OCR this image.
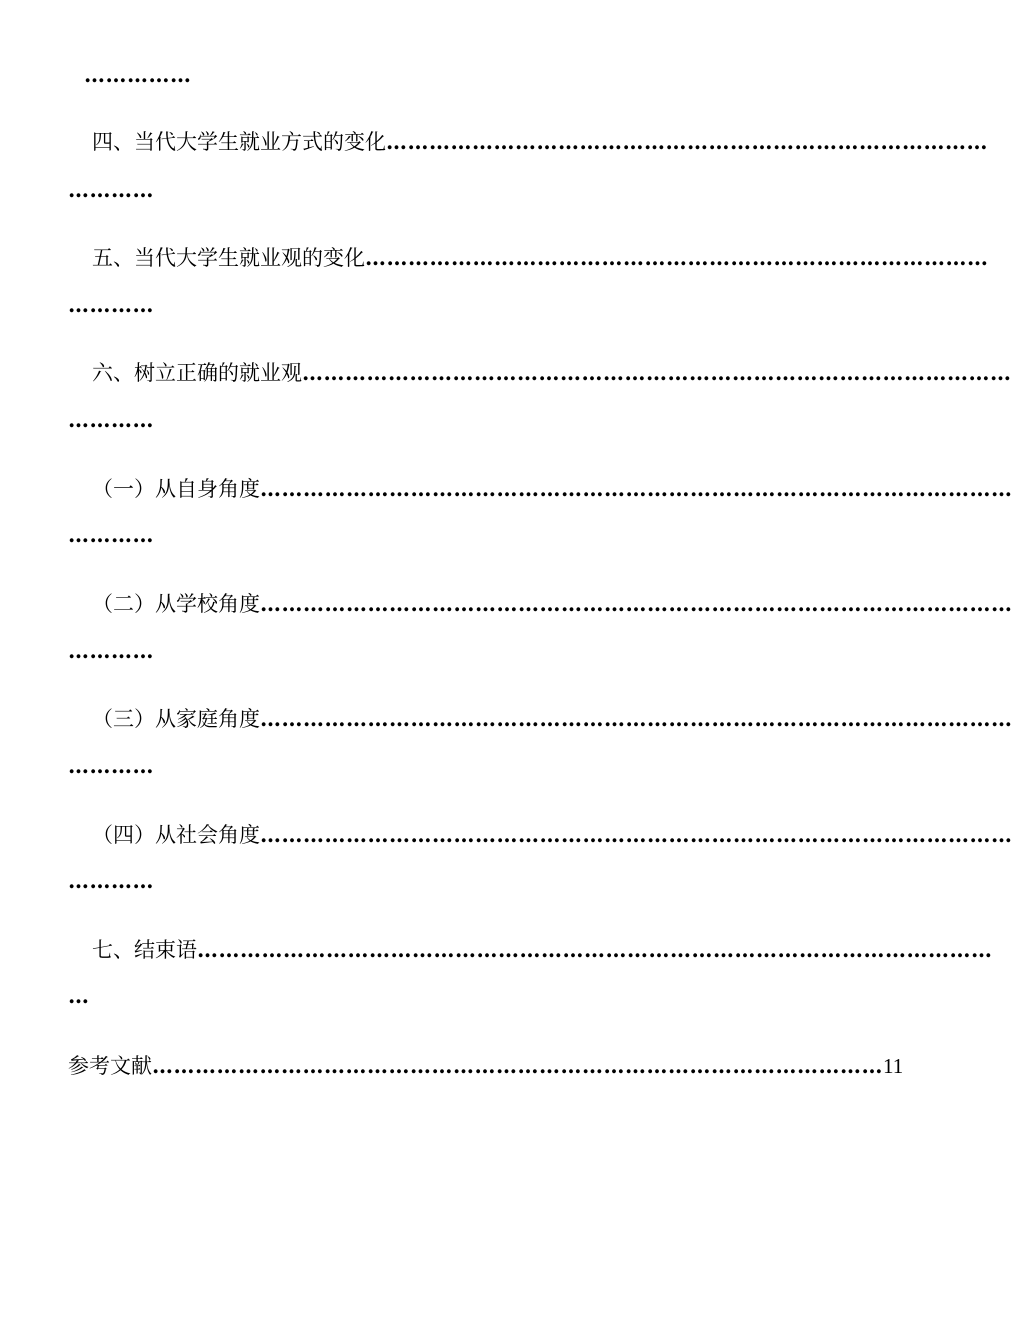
……………
四、当代大学生就业方式的变化…………………………………………………………………………
…………
五、当代大学生就业观的变化……………………………………………………………………………
…………
六、树立正确的就业观………………………………………………………………………………………
…………
（一）从自身角度……………………………………………………………………………………………
…………
（二）从学校角度……………………………………………………………………………………………
…………
（三）从家庭角度……………………………………………………………………………………………
…………
（四）从社会角度……………………………………………………………………………………………
…………
七、结束语…………………………………………………………………………………………………
…
参考文献…………………………………………………………………………………………11
